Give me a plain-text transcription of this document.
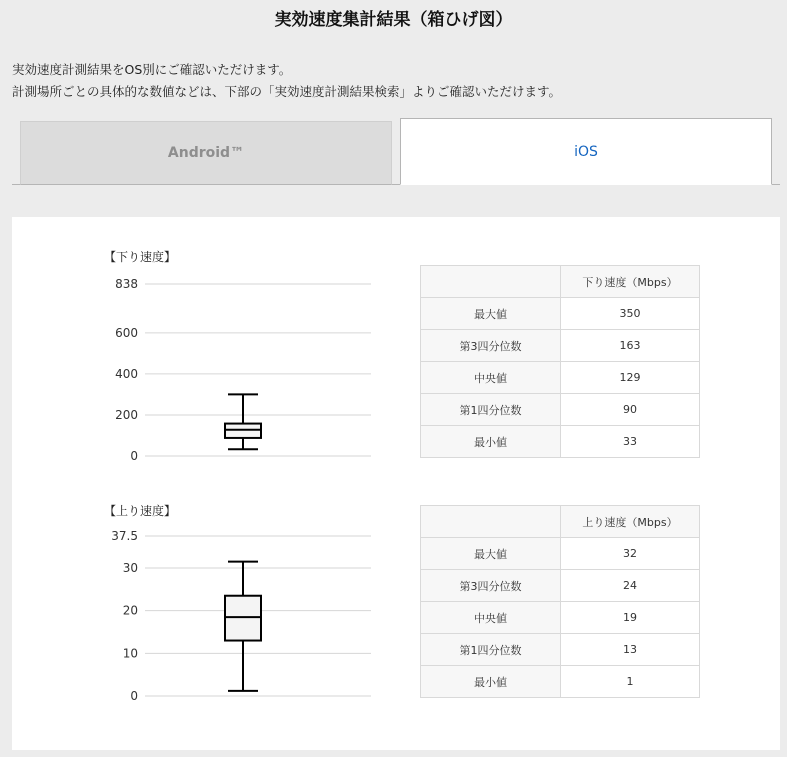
実効速度集計結果（箱ひげ図）
実効速度計測結果をOS別にご確認いただけます。
計測場所ごとの具体的な数値などは、下部の「実効速度計測結果検索」よりご確認いただけます。
Android™	iOS
【下り速度】
0
200
400
600
838
【上り速度】
0
10
20
30
37.5
	下り速度（Mbps）
最大値	350
第3四分位数	163
中央値	129
第1四分位数	90
最小値	33
	上り速度（Mbps）
最大値	32
第3四分位数	24
中央値	19
第1四分位数	13
最小値	1
